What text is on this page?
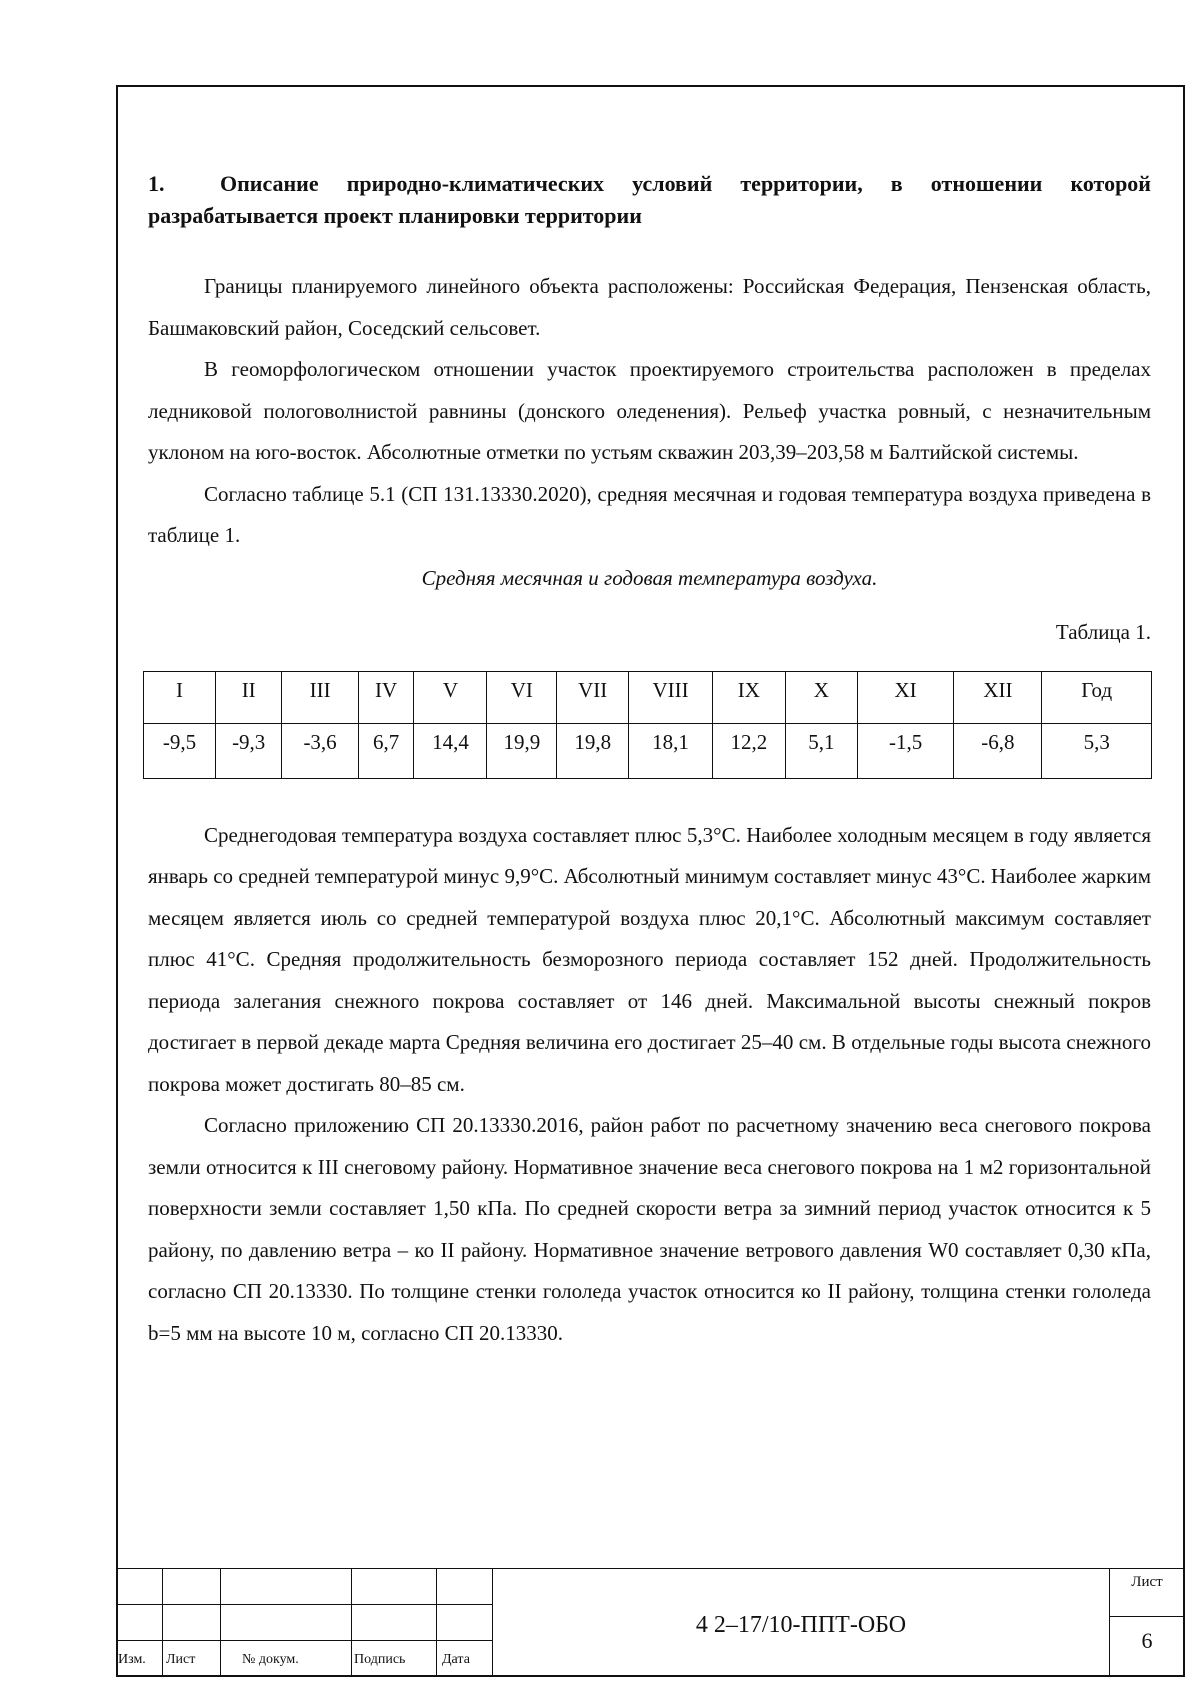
1.	Описание природно-климатических условий территории, в отношении которой разрабатывается проект планировки территории

Границы планируемого линейного объекта расположены: Российская Федерация, Пензенская область, Башмаковский район, Соседский сельсовет.

В геоморфологическом отношении участок проектируемого строительства расположен в пределах ледниковой пологоволнистой равнины (донского оледенения). Рельеф участка ровный, с незначительным уклоном на юго-восток. Абсолютные отметки по устьям скважин 203,39–203,58 м Балтийской системы.

Согласно таблице 5.1 (СП 131.13330.2020), средняя месячная и годовая температура воздуха приведена в таблице 1.

Средняя месячная и годовая температура воздуха.

Таблица 1.

I	II	III	IV	V	VI	VII	VIII	IX	X	XI	XII	Год
-9,5	-9,3	-3,6	6,7	14,4	19,9	19,8	18,1	12,2	5,1	-1,5	-6,8	5,3

Среднегодовая температура воздуха составляет плюс 5,3°С. Наиболее холодным месяцем в году является январь со средней температурой минус 9,9°С. Абсолютный минимум составляет минус 43°С. Наиболее жарким месяцем является июль со средней температурой воздуха плюс 20,1°С. Абсолютный максимум составляет плюс 41°С. Средняя продолжительность безморозного периода составляет 152 дней. Продолжительность периода залегания снежного покрова составляет от 146 дней. Максимальной высоты снежный покров достигает в первой декаде марта Средняя величина его достигает 25–40 см. В отдельные годы высота снежного покрова может достигать 80–85 см.

Согласно приложению СП 20.13330.2016, район работ по расчетному значению веса снегового покрова земли относится к III снеговому району. Нормативное значение веса снегового покрова на 1 м2 горизонтальной поверхности земли составляет 1,50 кПа. По средней скорости ветра за зимний период участок относится к 5 району, по давлению ветра – ко II району. Нормативное значение ветрового давления W0 составляет 0,30 кПа, согласно СП 20.13330. По толщине стенки гололеда участок относится ко II району, толщина стенки гололеда b=5 мм на высоте 10 м, согласно СП 20.13330.

Изм. Лист	№ докум.	Подпись	Дата
4 2–17/10-ППТ-ОБО
Лист
6
